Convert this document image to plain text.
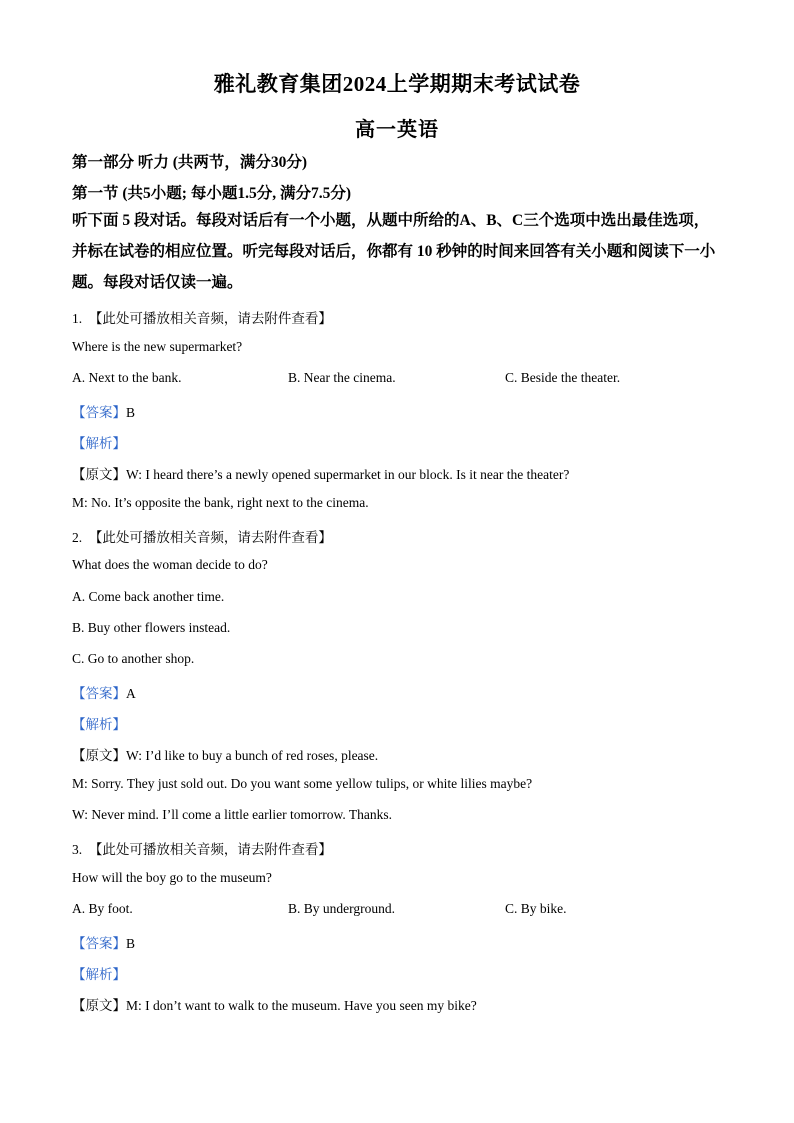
雅礼教育集团2024上学期期末考试试卷
高一英语
第一部分 听力 (共两节，满分30分)
第一节 (共5小题; 每小题1.5分, 满分7.5分)
听下面 5 段对话。每段对话后有一个小题，从题中所给的A、B、C三个选项中选出最佳选项，并标在试卷的相应位置。听完每段对话后，你都有 10 秒钟的时间来回答有关小题和阅读下一小题。每段对话仅读一遍。
1. 【此处可播放相关音频，请去附件查看】
Where is the new supermarket?
A. Next to the bank.	B. Near the cinema.	C. Beside the theater.
【答案】B
【解析】
【原文】W: I heard there’s a newly opened supermarket in our block. Is it near the theater?
M: No. It’s opposite the bank, right next to the cinema.
2. 【此处可播放相关音频，请去附件查看】
What does the woman decide to do?
A. Come back another time.
B. Buy other flowers instead.
C. Go to another shop.
【答案】A
【解析】
【原文】W: I’d like to buy a bunch of red roses, please.
M: Sorry. They just sold out. Do you want some yellow tulips, or white lilies maybe?
W: Never mind. I’ll come a little earlier tomorrow. Thanks.
3. 【此处可播放相关音频，请去附件查看】
How will the boy go to the museum?
A. By foot.	B. By underground.	C. By bike.
【答案】B
【解析】
【原文】M: I don’t want to walk to the museum. Have you seen my bike?
